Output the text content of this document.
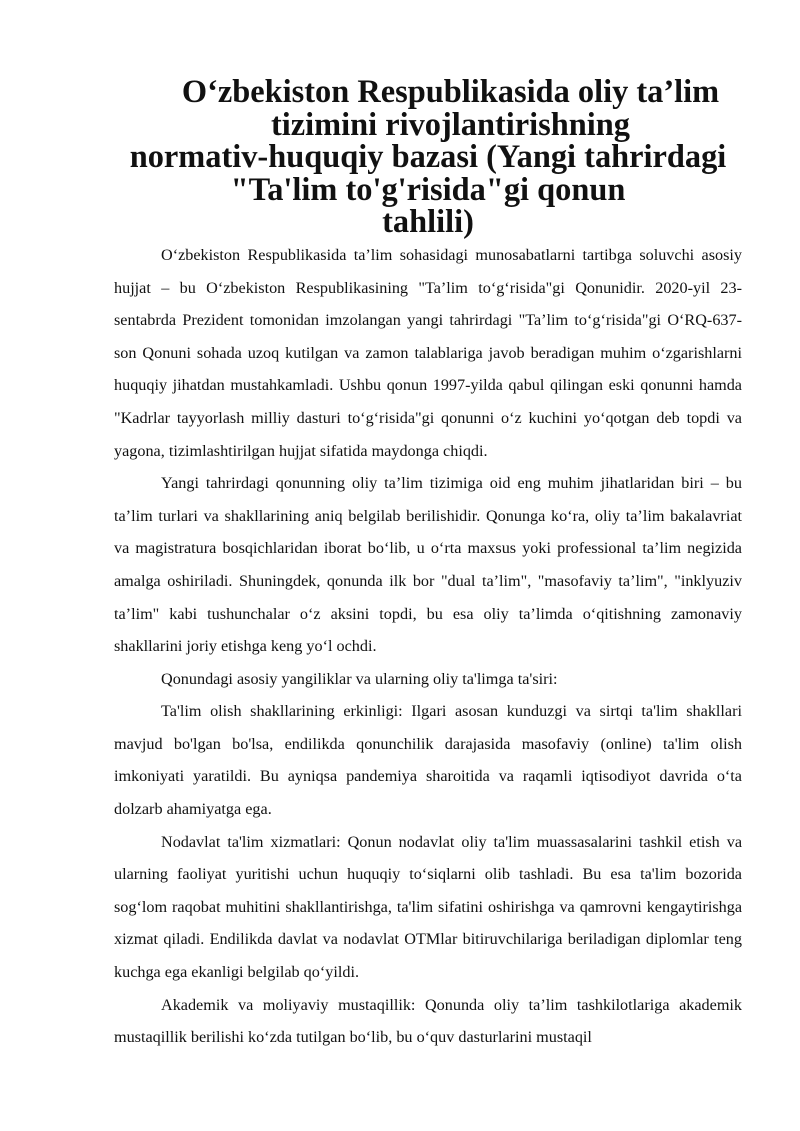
O‘zbekiston Respublikasida oliy ta’lim tizimini rivojlantirishning
normativ-huquqiy bazasi (Yangi tahrirdagi "Ta'lim to'g'risida"gi qonun
tahlili)

O‘zbekiston Respublikasida ta’lim sohasidagi munosabatlarni tartibga soluvchi asosiy hujjat – bu O‘zbekiston Respublikasining "Ta’lim to‘g‘risida"gi Qonunidir. 2020-yil 23-sentabrda Prezident tomonidan imzolangan yangi tahrirdagi "Ta’lim to‘g‘risida"gi O‘RQ-637-son Qonuni sohada uzoq kutilgan va zamon talablariga javob beradigan muhim o‘zgarishlarni huquqiy jihatdan mustahkamladi. Ushbu qonun 1997-yilda qabul qilingan eski qonunni hamda "Kadrlar tayyorlash milliy dasturi to‘g‘risida"gi qonunni o‘z kuchini yo‘qotgan deb topdi va yagona, tizimlashtirilgan hujjat sifatida maydonga chiqdi.

Yangi tahrirdagi qonunning oliy ta’lim tizimiga oid eng muhim jihatlaridan biri – bu ta’lim turlari va shakllarining aniq belgilab berilishidir. Qonunga ko‘ra, oliy ta’lim bakalavriat va magistratura bosqichlaridan iborat bo‘lib, u o‘rta maxsus yoki professional ta’lim negizida amalga oshiriladi. Shuningdek, qonunda ilk bor "dual ta’lim", "masofaviy ta’lim", "inklyuziv ta’lim" kabi tushunchalar o‘z aksini topdi, bu esa oliy ta’limda o‘qitishning zamonaviy shakllarini joriy etishga keng yo‘l ochdi.

Qonundagi asosiy yangiliklar va ularning oliy ta'limga ta'siri:

Ta'lim olish shakllarining erkinligi: Ilgari asosan kunduzgi va sirtqi ta'lim shakllari mavjud bo'lgan bo'lsa, endilikda qonunchilik darajasida masofaviy (online) ta'lim olish imkoniyati yaratildi. Bu ayniqsa pandemiya sharoitida va raqamli iqtisodiyot davrida o‘ta dolzarb ahamiyatga ega.

Nodavlat ta'lim xizmatlari: Qonun nodavlat oliy ta'lim muassasalarini tashkil etish va ularning faoliyat yuritishi uchun huquqiy to‘siqlarni olib tashladi. Bu esa ta'lim bozorida sog‘lom raqobat muhitini shakllantirishga, ta'lim sifatini oshirishga va qamrovni kengaytirishga xizmat qiladi. Endilikda davlat va nodavlat OTMlar bitiruvchilariga beriladigan diplomlar teng kuchga ega ekanligi belgilab qo‘yildi.

Akademik va moliyaviy mustaqillik: Qonunda oliy ta’lim tashkilotlariga akademik mustaqillik berilishi ko‘zda tutilgan bo‘lib, bu o‘quv dasturlarini mustaqil
